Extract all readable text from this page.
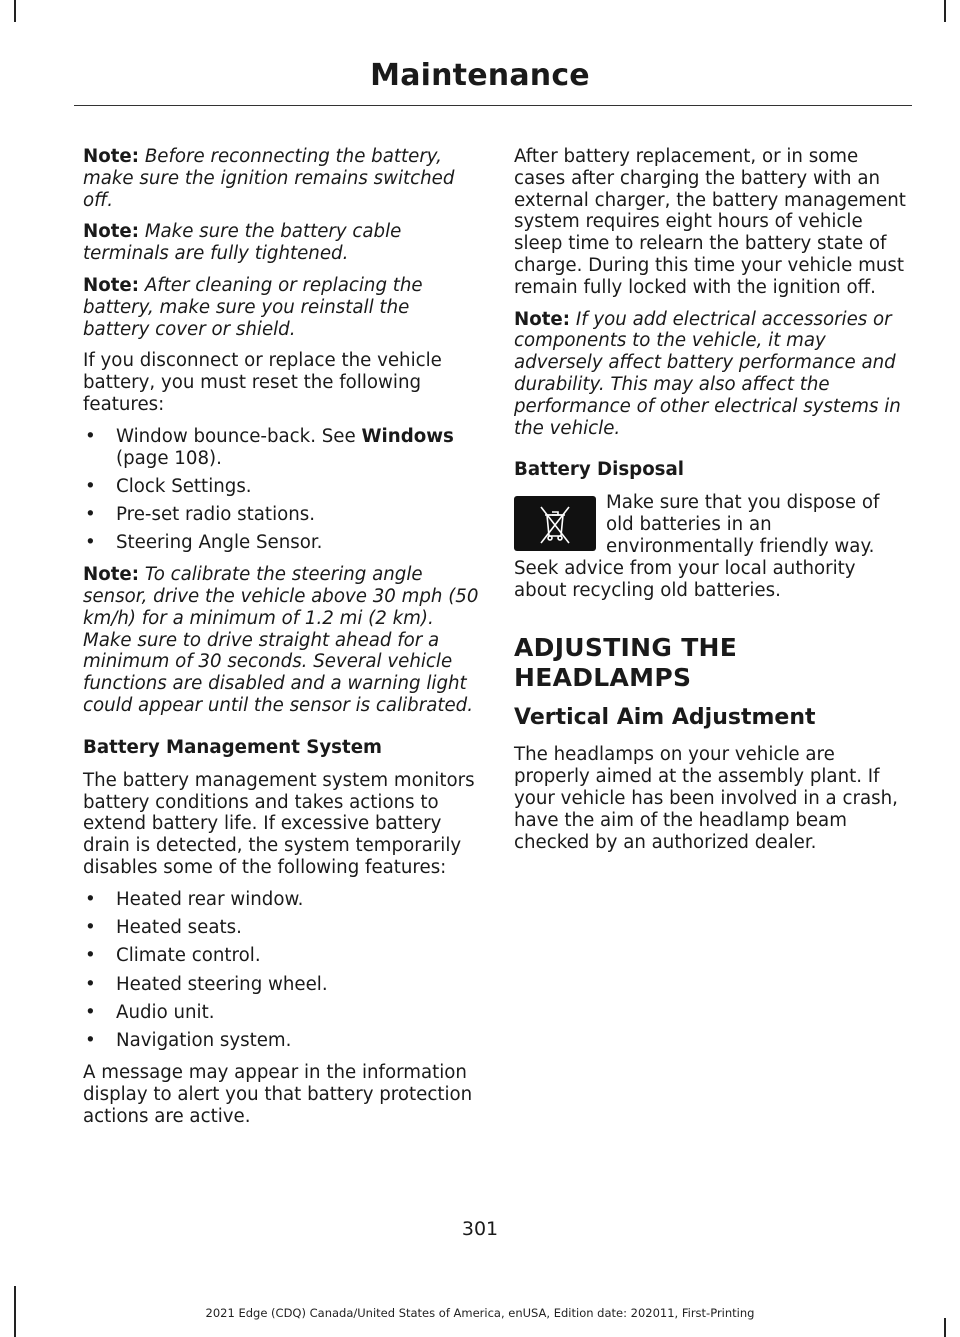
Maintenance

Note: Before reconnecting the battery, make sure the ignition remains switched off.

Note: Make sure the battery cable terminals are fully tightened.

Note: After cleaning or replacing the battery, make sure you reinstall the battery cover or shield.

If you disconnect or replace the vehicle battery, you must reset the following features:

• Window bounce-back. See Windows
(page 108).
• Clock Settings.
• Pre-set radio stations.
• Steering Angle Sensor.

Note: To calibrate the steering angle sensor, drive the vehicle above 30 mph (50 km/h) for a minimum of 1.2 mi (2 km). Make sure to drive straight ahead for a minimum of 30 seconds. Several vehicle functions are disabled and a warning light could appear until the sensor is calibrated.

Battery Management System

The battery management system monitors battery conditions and takes actions to extend battery life. If excessive battery drain is detected, the system temporarily disables some of the following features:

• Heated rear window.
• Heated seats.
• Climate control.
• Heated steering wheel.
• Audio unit.
• Navigation system.

A message may appear in the information display to alert you that battery protection actions are active.

After battery replacement, or in some cases after charging the battery with an external charger, the battery management system requires eight hours of vehicle sleep time to relearn the battery state of charge. During this time your vehicle must remain fully locked with the ignition off.

Note: If you add electrical accessories or components to the vehicle, it may adversely affect battery performance and durability. This may also affect the performance of other electrical systems in the vehicle.

Battery Disposal

Make sure that you dispose of old batteries in an environmentally friendly way. Seek advice from your local authority about recycling old batteries.

ADJUSTING THE HEADLAMPS
Vertical Aim Adjustment

The headlamps on your vehicle are properly aimed at the assembly plant. If your vehicle has been involved in a crash, have the aim of the headlamp beam checked by an authorized dealer.

301
2021 Edge (CDQ) Canada/United States of America, enUSA, Edition date: 202011, First-Printing
